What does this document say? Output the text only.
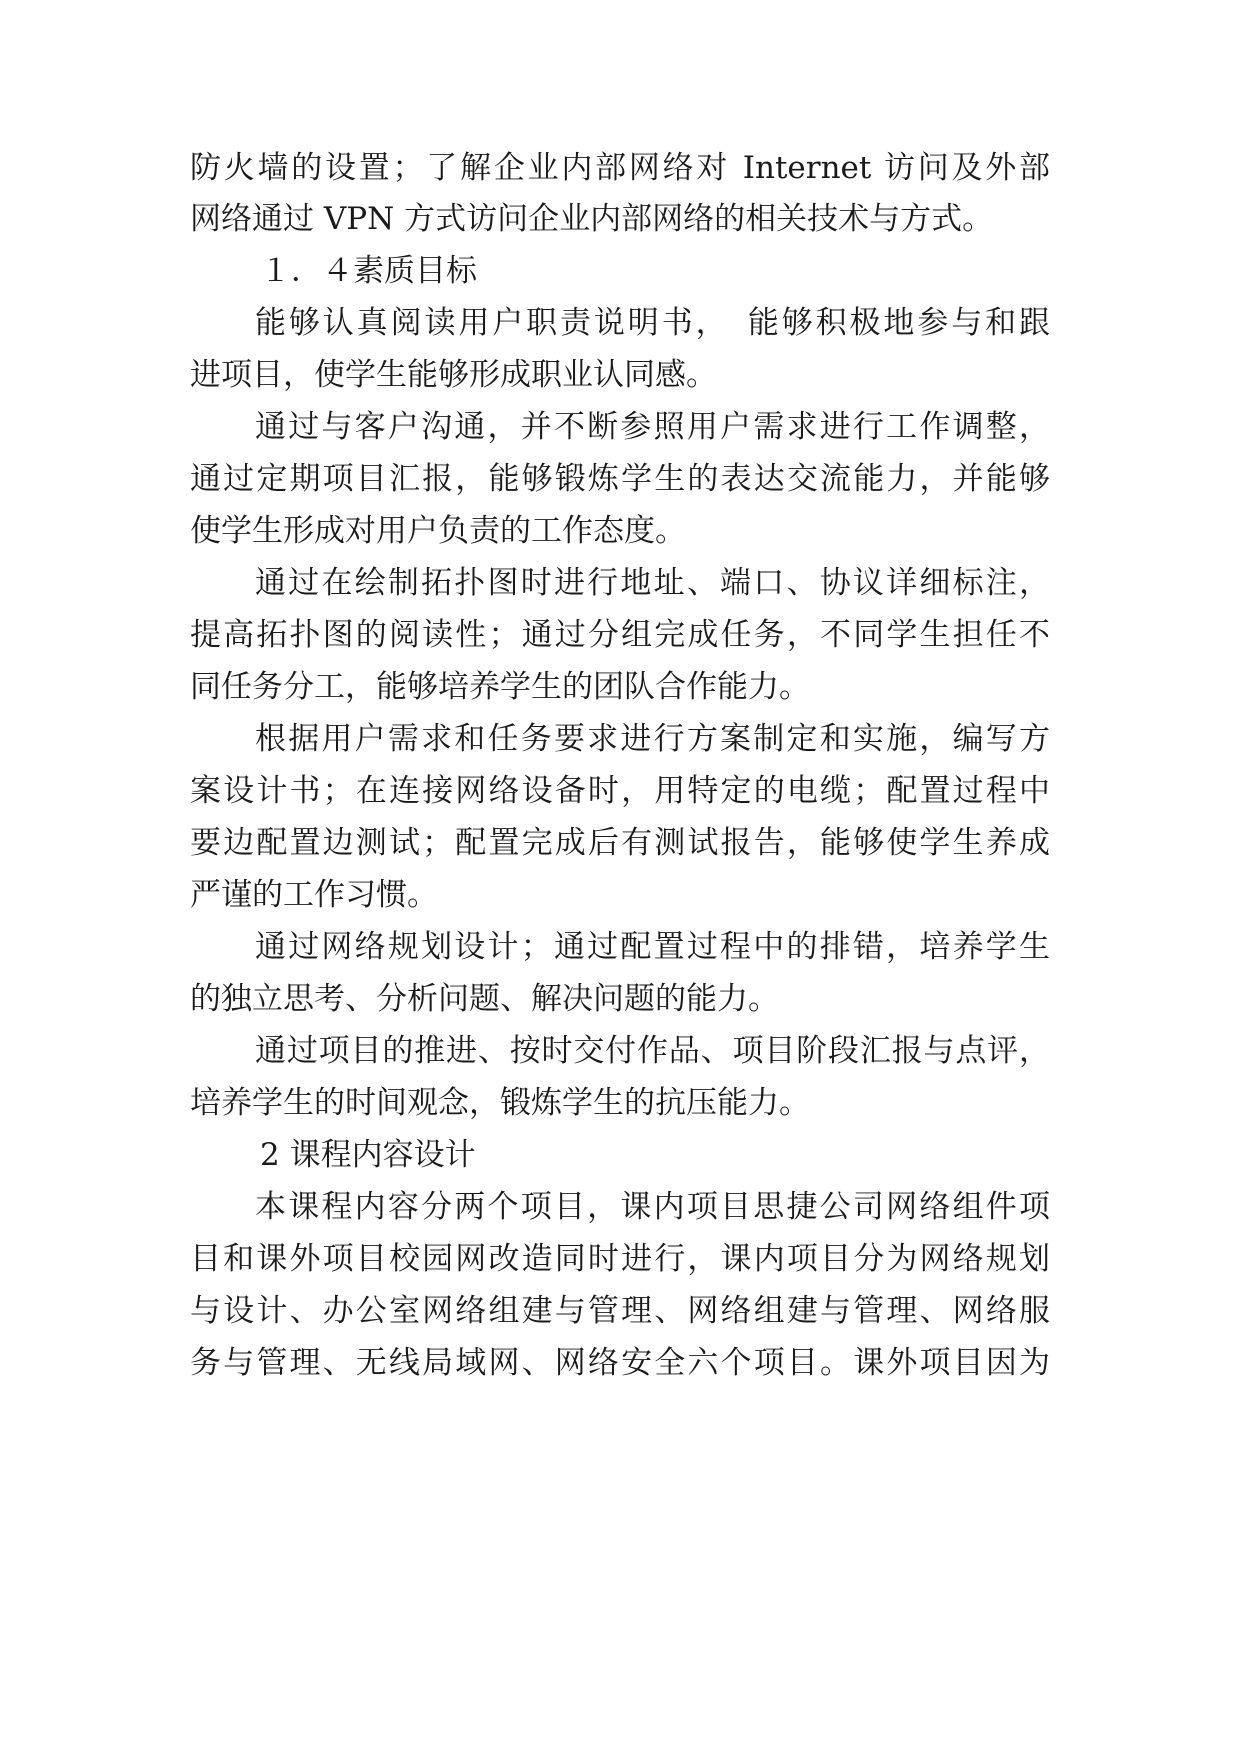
防火墙的设置；了解企业内部网络对 Internet 访问及外部
网络通过 VPN 方式访问企业内部网络的相关技术与方式。
１．４素质目标
能够认真阅读用户职责说明书，　能够积极地参与和跟
进项目，使学生能够形成职业认同感。
通过与客户沟通，并不断参照用户需求进行工作调整，
通过定期项目汇报，能够锻炼学生的表达交流能力，并能够
使学生形成对用户负责的工作态度。
通过在绘制拓扑图时进行地址、端口、协议详细标注，
提高拓扑图的阅读性；通过分组完成任务，不同学生担任不
同任务分工，能够培养学生的团队合作能力。
根据用户需求和任务要求进行方案制定和实施，编写方
案设计书；在连接网络设备时，用特定的电缆；配置过程中
要边配置边测试；配置完成后有测试报告，能够使学生养成
严谨的工作习惯。
通过网络规划设计；通过配置过程中的排错，培养学生
的独立思考、分析问题、解决问题的能力。
通过项目的推进、按时交付作品、项目阶段汇报与点评，
培养学生的时间观念，锻炼学生的抗压能力。
2 课程内容设计
本课程内容分两个项目，课内项目思捷公司网络组件项
目和课外项目校园网改造同时进行，课内项目分为网络规划
与设计、办公室网络组建与管理、网络组建与管理、网络服
务与管理、无线局域网、网络安全六个项目。课外项目因为
